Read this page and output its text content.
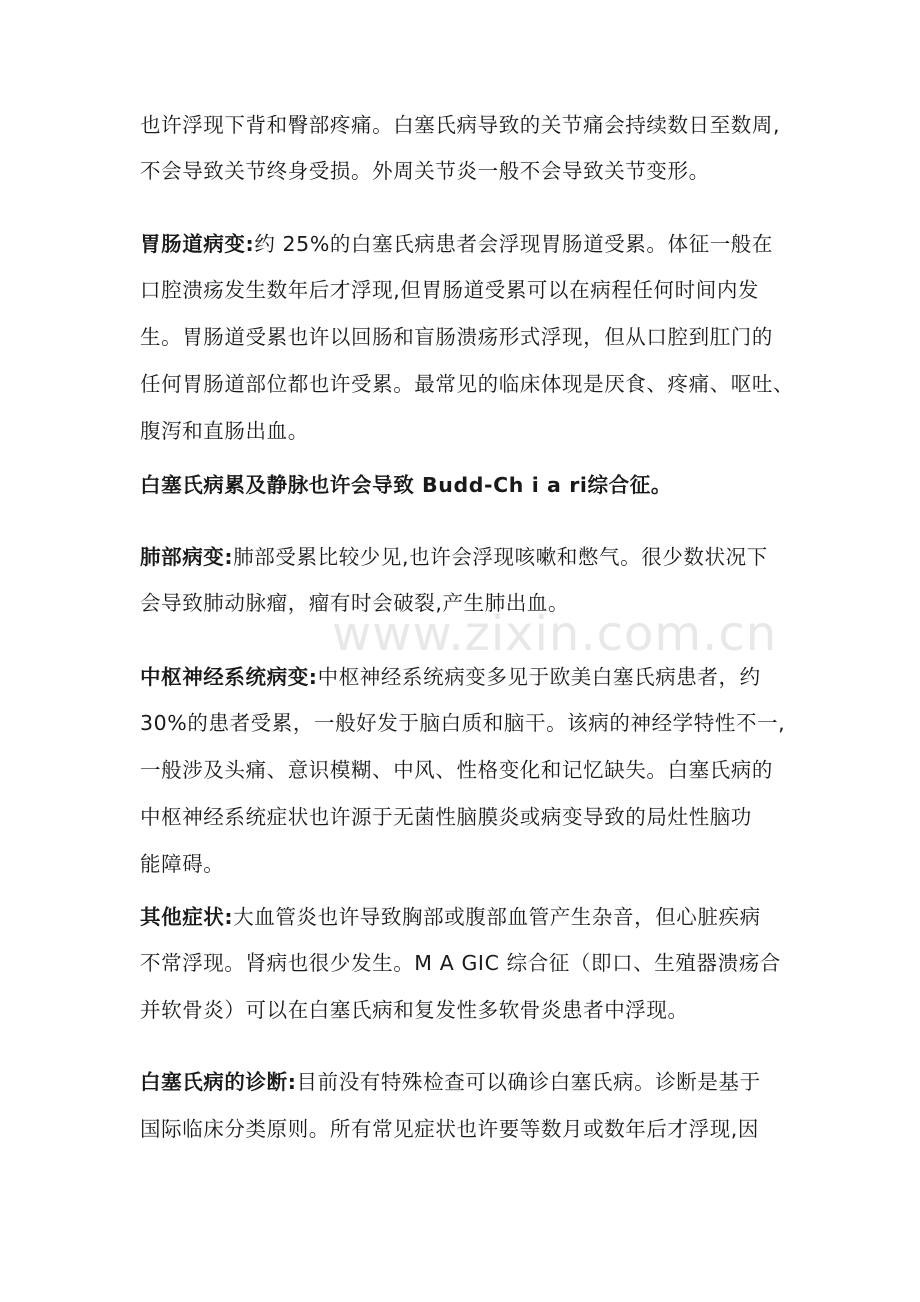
www.zixin.com.cn
也许浮现下背和臀部疼痛。白塞氏病导致的关节痛会持续数日至数周,
不会导致关节终身受损。外周关节炎一般不会导致关节变形。
胃肠道病变:约 25%的白塞氏病患者会浮现胃肠道受累。体征一般在
口腔溃疡发生数年后才浮现,但胃肠道受累可以在病程任何时间内发
生。胃肠道受累也许以回肠和盲肠溃疡形式浮现，但从口腔到肛门的
任何胃肠道部位都也许受累。最常见的临床体现是厌食、疼痛、呕吐、
腹泻和直肠出血。
白塞氏病累及静脉也许会导致 Budd-Ch i a ri综合征。
肺部病变:肺部受累比较少见,也许会浮现咳嗽和憋气。很少数状况下
会导致肺动脉瘤，瘤有时会破裂,产生肺出血。
中枢神经系统病变:中枢神经系统病变多见于欧美白塞氏病患者，约
30%的患者受累，一般好发于脑白质和脑干。该病的神经学特性不一,
一般涉及头痛、意识模糊、中风、性格变化和记忆缺失。白塞氏病的
中枢神经系统症状也许源于无菌性脑膜炎或病变导致的局灶性脑功
能障碍。
其他症状:大血管炎也许导致胸部或腹部血管产生杂音，但心脏疾病
不常浮现。肾病也很少发生。M A GIC 综合征（即口、生殖器溃疡合
并软骨炎）可以在白塞氏病和复发性多软骨炎患者中浮现。
白塞氏病的诊断:目前没有特殊检查可以确诊白塞氏病。诊断是基于
国际临床分类原则。所有常见症状也许要等数月或数年后才浮现,因
